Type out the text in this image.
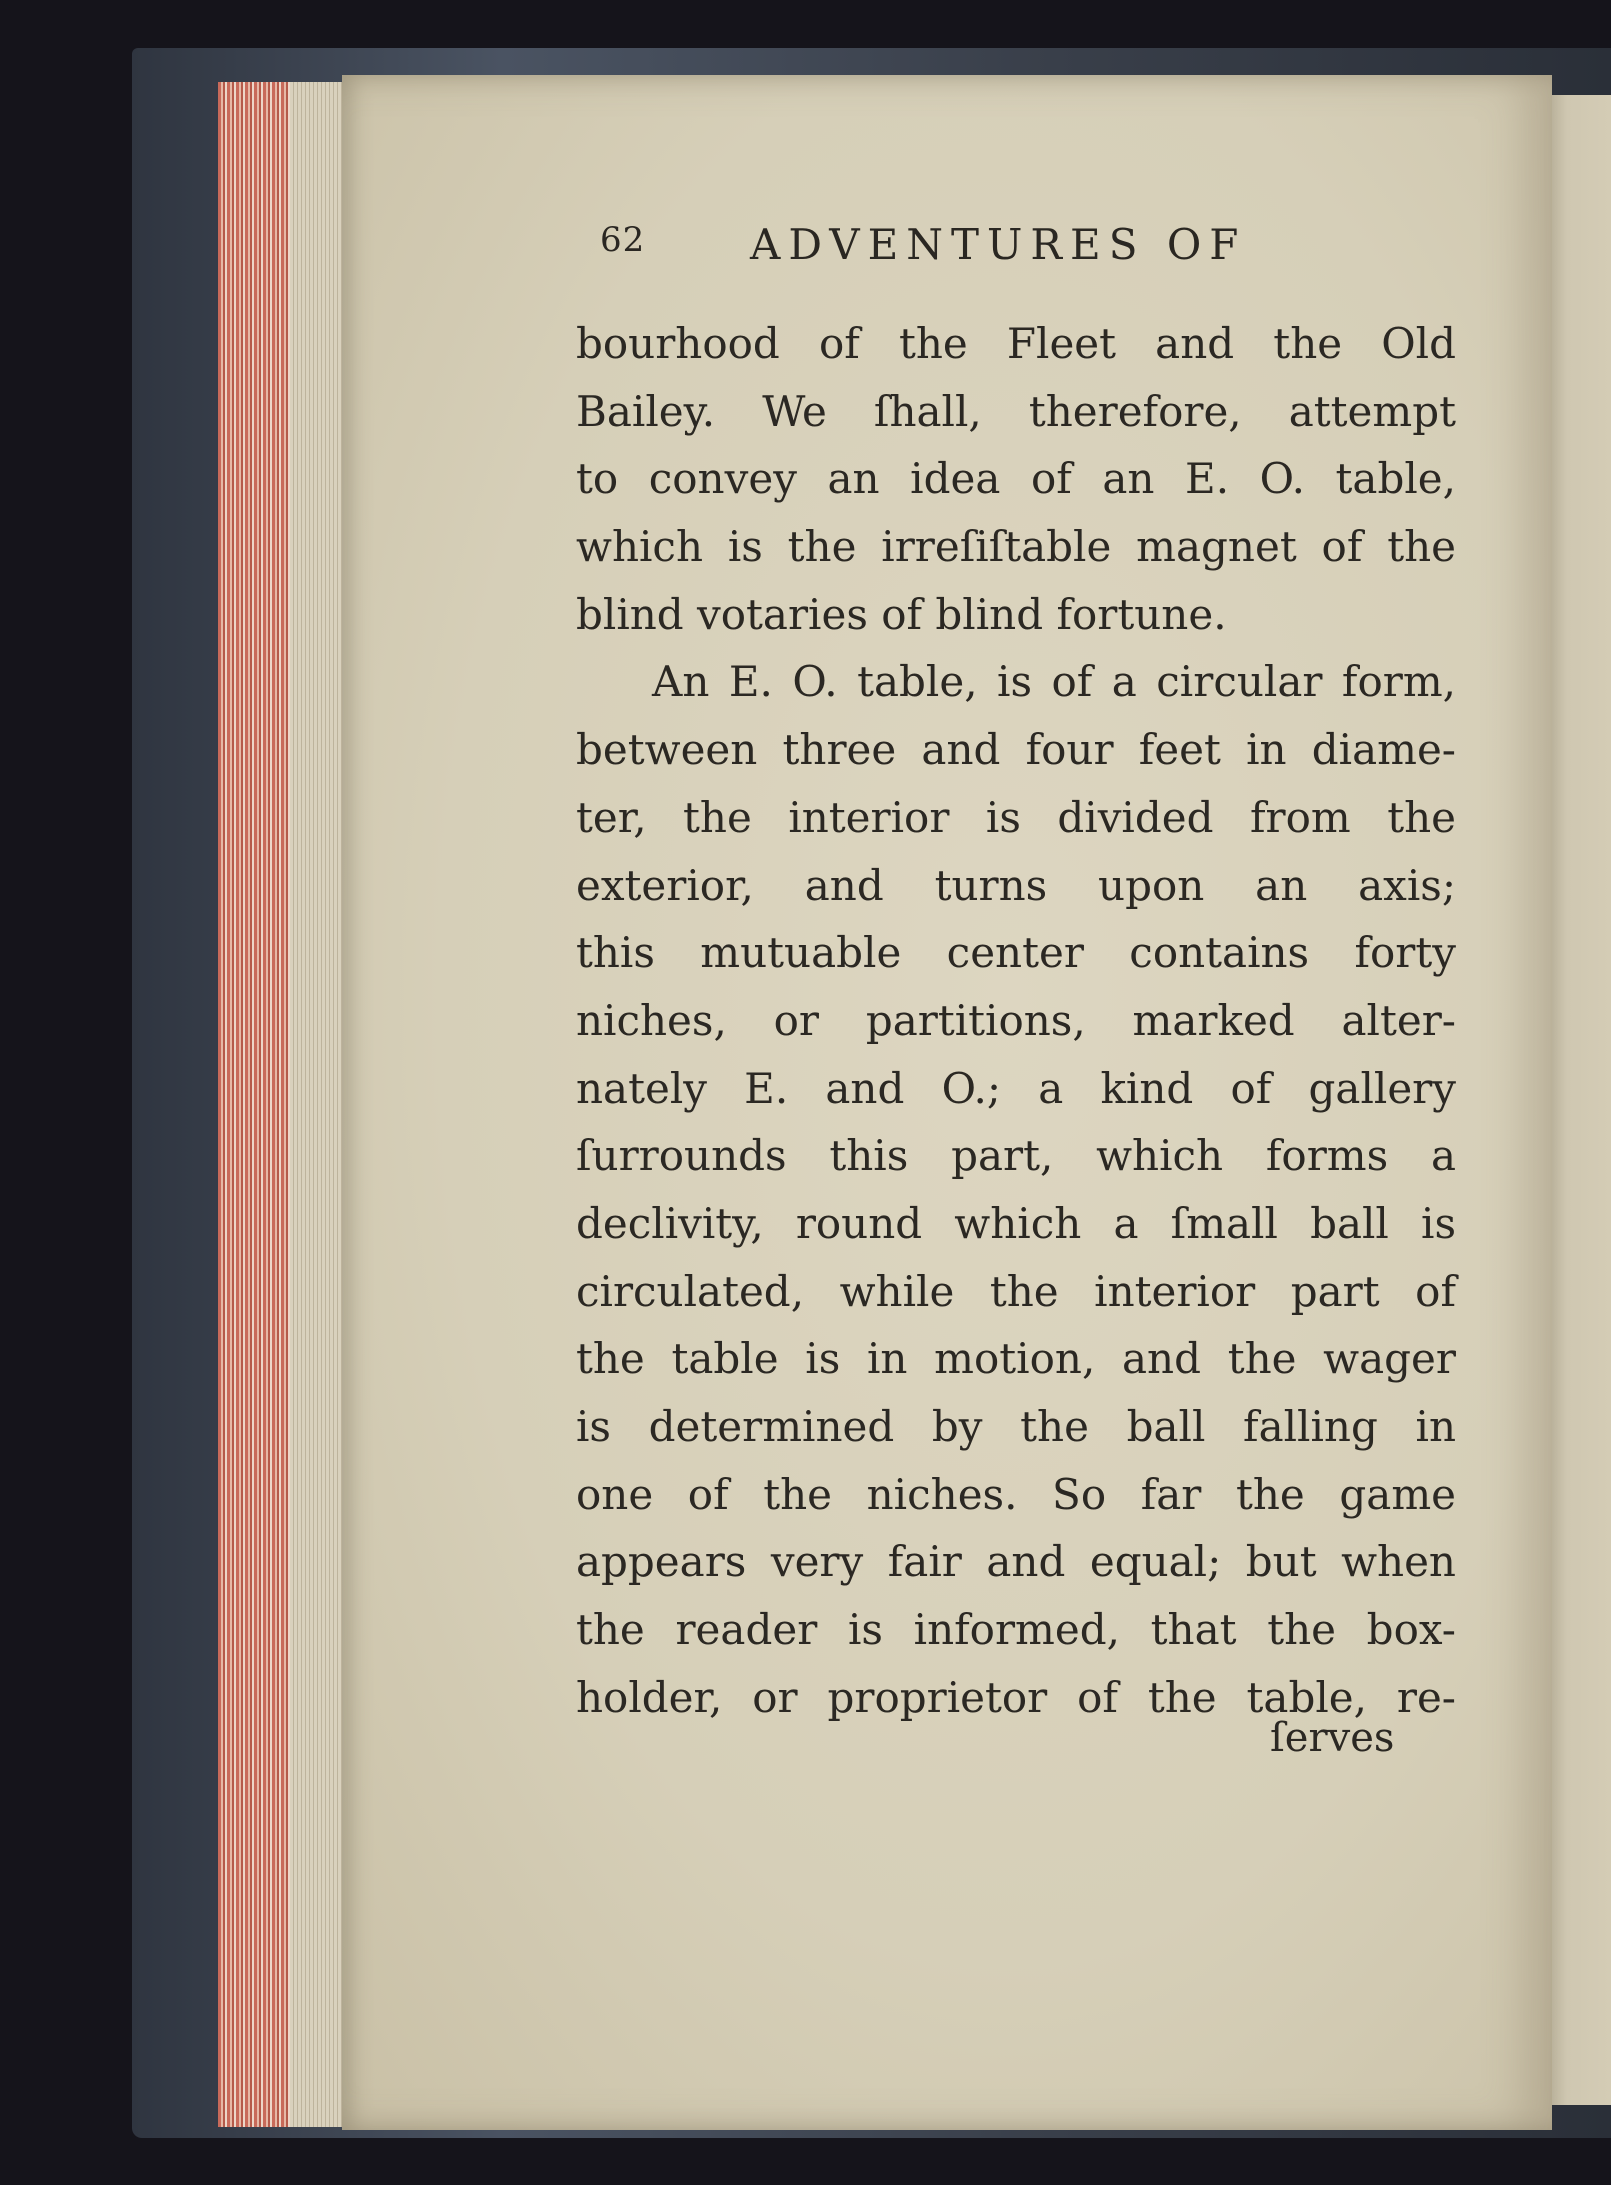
62 ADVENTURES OF
bourhood of the Fleet and the Old
Bailey. We ſhall, therefore, attempt
to convey an idea of an E. O. table,
which is the irreſiſtable magnet of the
blind votaries of blind fortune.
An E. O. table, is of a circular form,
between three and four feet in diame-
ter, the interior is divided from the
exterior, and turns upon an axis;
this mutuable center contains forty
niches, or partitions, marked alter-
nately E. and O.; a kind of gallery
ſurrounds this part, which forms a
declivity, round which a ſmall ball is
circulated, while the interior part of
the table is in motion, and the wager
is determined by the ball falling in
one of the niches. So far the game
appears very fair and equal; but when
the reader is informed, that the box-
holder, or proprietor of the table, re-
ſerves
